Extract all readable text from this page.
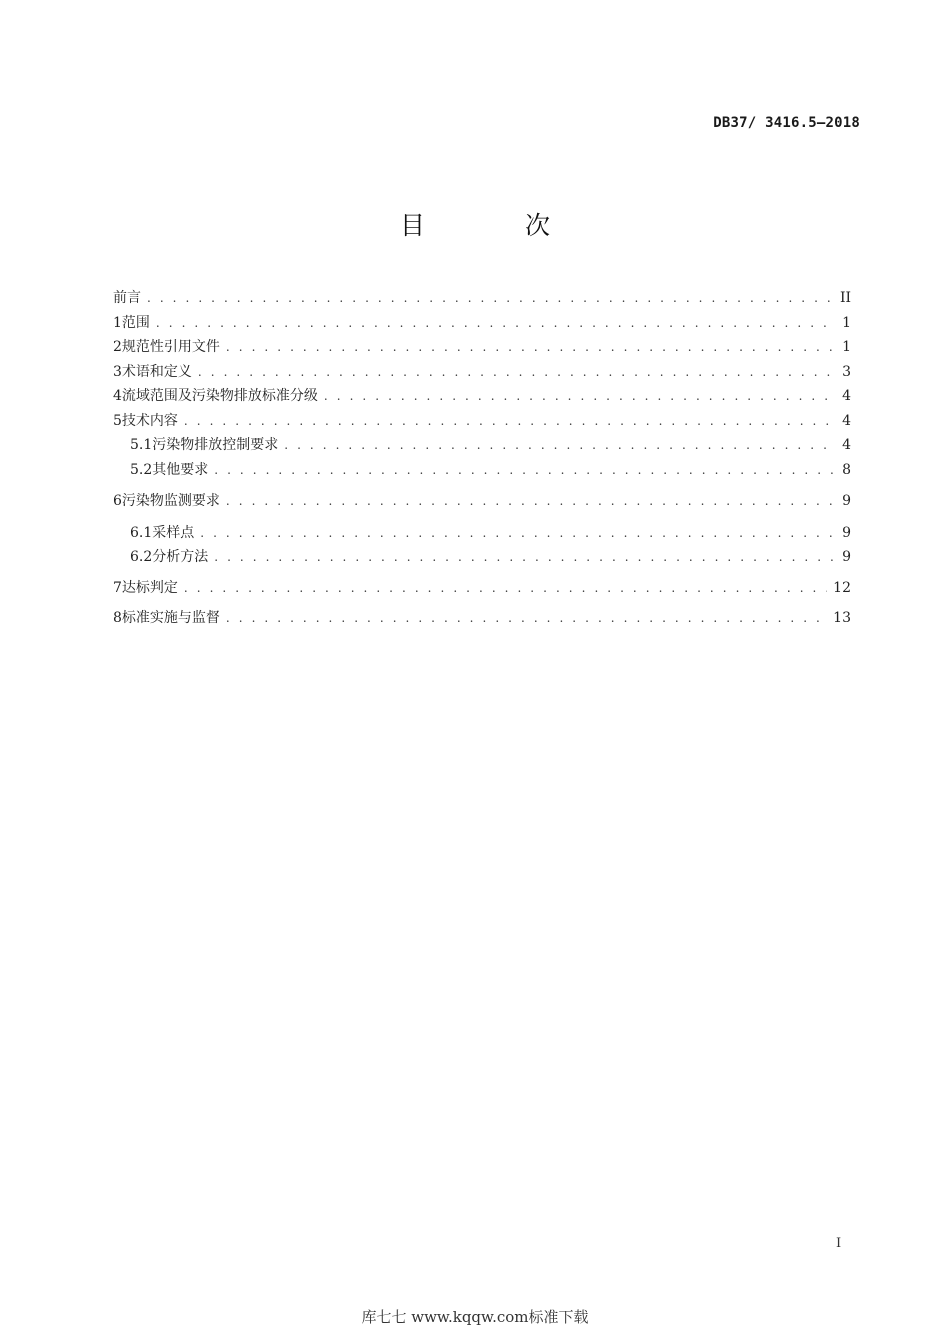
DB37/ 3416.5—2018
目 次
前言 . . .	II
1 范围 . . .	1
2 规范性引用文件 . . .	1
3 术语和定义 . . .	3
4 流域范围及污染物排放标准分级 . . .	4
5 技术内容 . . .	4
5.1 污染物排放控制要求 . . .	4
5.2 其他要求 . . .	8
6 污染物监测要求 . . .	9
6.1 采样点 . . .	9
6.2 分析方法 . . .	9
7 达标判定 . . .	12
8 标准实施与监督 . . .	13
I
库七七 www.kqqw.com标准下载
